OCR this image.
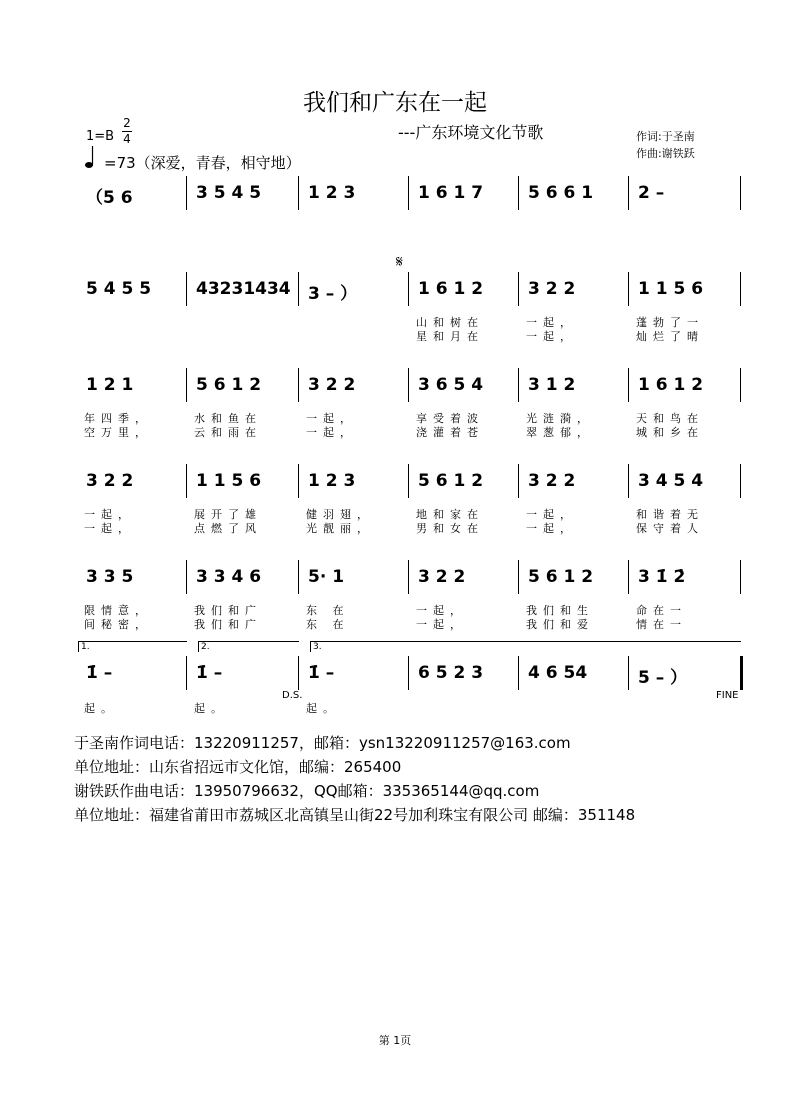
我们和广东在一起
---广东环境文化节歌	作词:于圣南
作曲:谢铁跃
1=B
2
4
=73（深爱，青春，相守地）
（5 6	3 5 4 5	1 2 3	1 6 1 7	5 6 6 1	2 –
5 4 5 5	43231434 3 – ）	1 6 1 2
山和树在
星和月在
3 2 2
一起，
一起，
1 1 5 6
蓬勃了一
灿烂了晴
1 2 1
年四季，
空万里，
5 6 1 2
水和鱼在
云和雨在
3 2 2
一起，
一起，
3 6 5 4
享受着波
浇灌着苍
3 1 2
光涟漪，
翠葱郁，
1 6 1 2
天和鸟在
城和乡在
3 2 2
一起，
一起，
1 1 5 6
展开了雄
点燃了风
1 2 3
健羽翅，
光靓丽，
5 6 1 2
地和家在
男和女在
3 2 2
一起，
一起，
3 4 5 4
和谐着无
保守着人
3 3 5
限情意，
间秘密，
3 3 4 6
我们和广
我们和广
5· 1
东 在
东 在
3 2 2
一起，
一起，
5 6 1 2
我们和生
我们和爱
3 1̇ 2̇
命在一
情在一
1̇ –
起。
1̇ –
起。
1̇ –
起。
6 5 2 3	4 6 54	5 – ）
𝄋
于圣南作词电话：13220911257，邮箱：ysn13220911257@163.com
单位地址：山东省招远市文化馆，邮编：265400
谢铁跃作曲电话：13950796632，QQ邮箱：335365144@qq.com
单位地址：福建省莆田市荔城区北高镇呈山街22号加利珠宝有限公司 邮编：351148
第 1页
1.	2.	3.
D.S.	FINE
